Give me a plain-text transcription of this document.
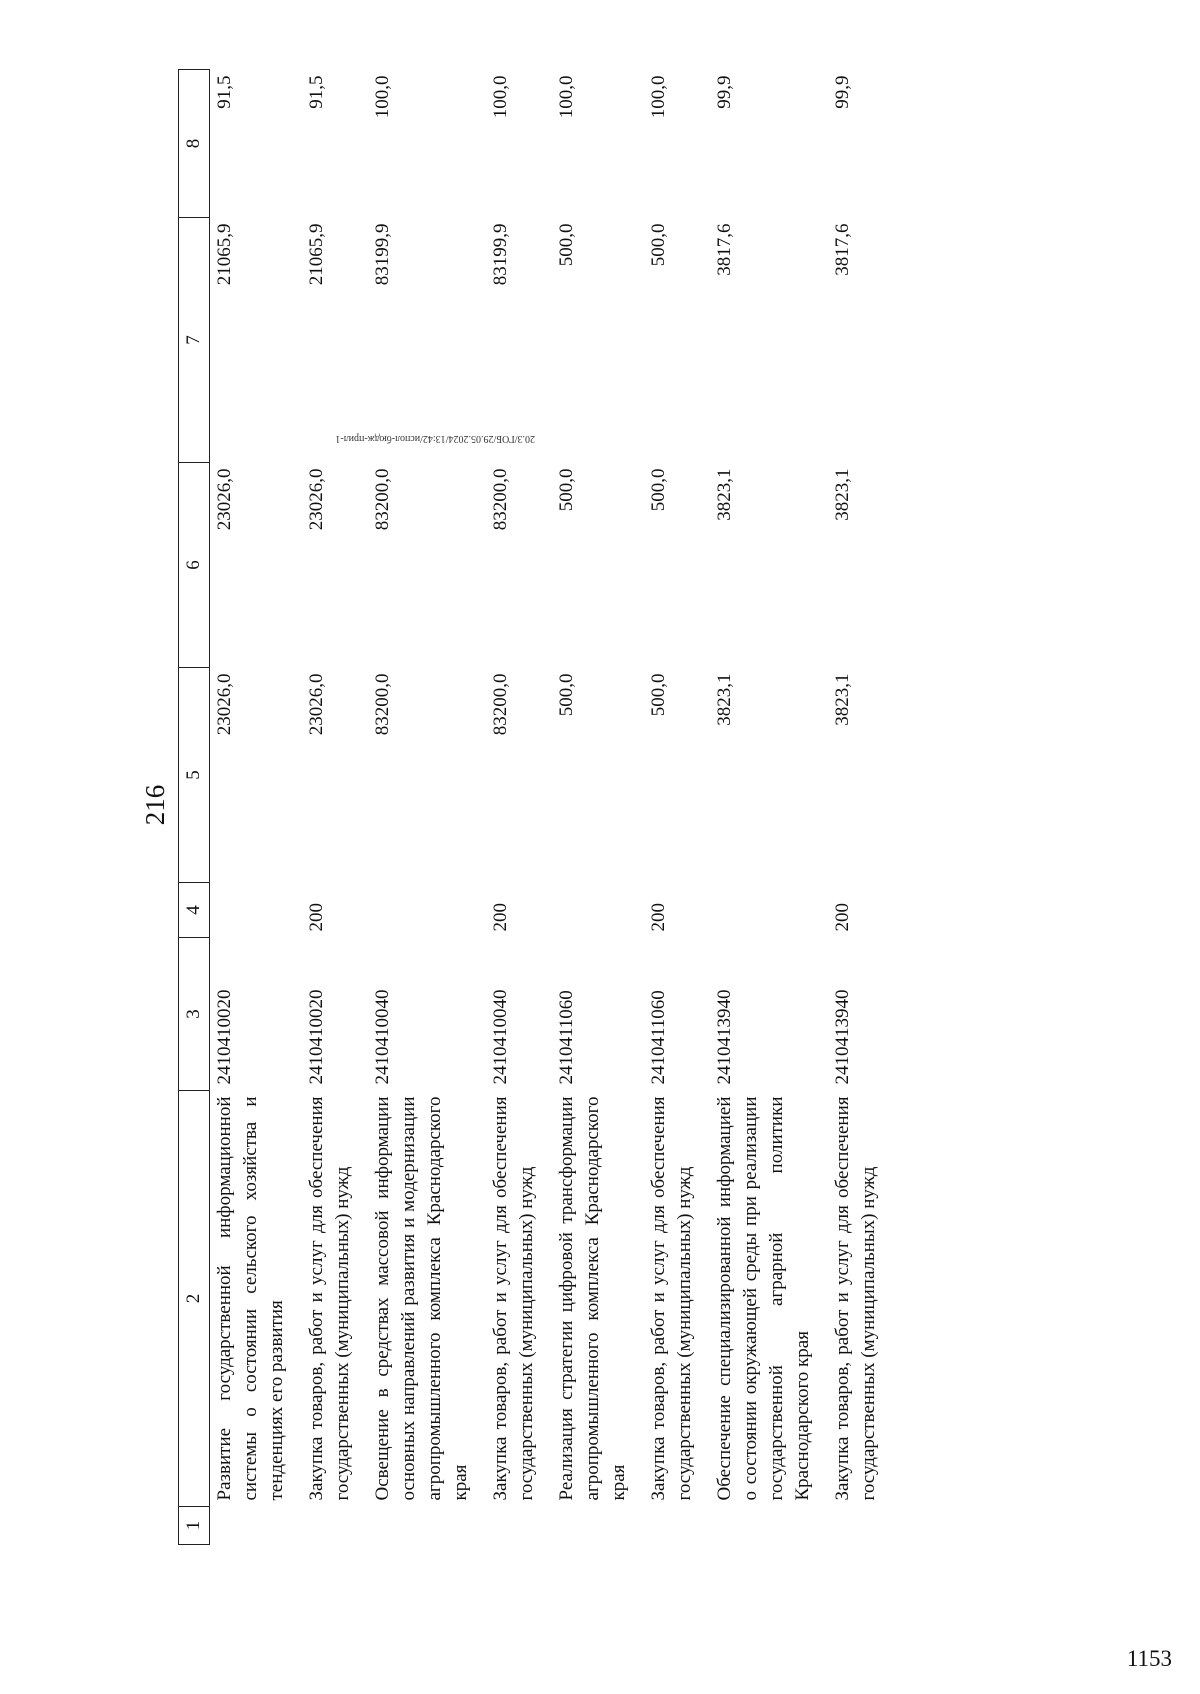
216
1	2	3	4	5	6	7	8
	Развитие государственной информационной системы о состоянии сельского хозяйства и тенденциях его развития	2410410020		23026,0	23026,0	21065,9	91,5
	Закупка товаров, работ и услуг для обеспечения государственных (муниципальных) нужд	2410410020	200	23026,0	23026,0	21065,9	91,5
	Освещение в средствах массовой информации основных направлений развития и модернизации агропромышленного комплекса Краснодарского края	2410410040		83200,0	83200,0	83199,9	100,0
	Закупка товаров, работ и услуг для обеспечения государственных (муниципальных) нужд	2410410040	200	83200,0	83200,0	83199,9	100,0
	Реализация стратегии цифровой трансформации агропромышленного комплекса Краснодарского края	2410411060		500,0	500,0	500,0	100,0
	Закупка товаров, работ и услуг для обеспечения государственных (муниципальных) нужд	2410411060	200	500,0	500,0	500,0	100,0
	Обеспечение специализированной информацией о состоянии окружающей среды при реализации государственной аграрной политики Краснодарского края	2410413940		3823,1	3823,1	3817,6	99,9
	Закупка товаров, работ и услуг для обеспечения государственных (муниципальных) нужд	2410413940	200	3823,1	3823,1	3817,6	99,9
20.3/ГОБ/29.05.2024/13:42/испол-бюдж-прил-1
1153
